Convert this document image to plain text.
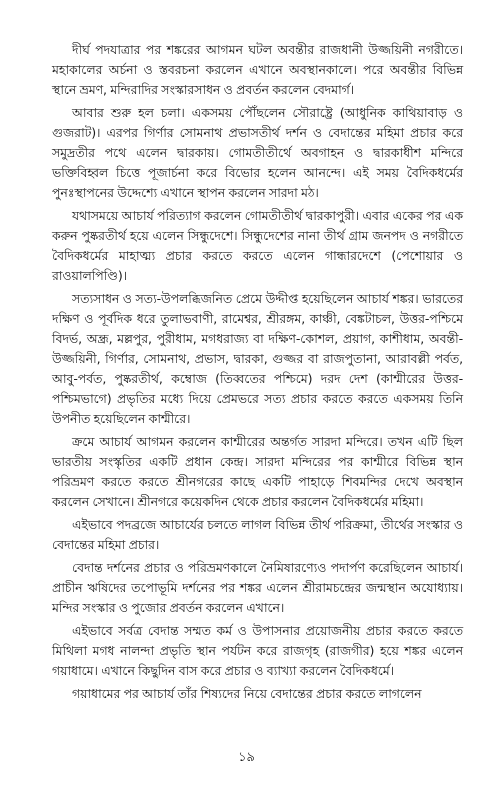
দীর্ঘ পদযাত্রার পর শঙ্করের আগমন ঘটল অবন্তীর রাজধানী উজ্জয়িনী নগরীতে। মহাকালের অর্চনা ও স্তবরচনা করলেন এখানে অবস্থানকালে। পরে অবন্তীর বিভিন্ন স্থানে ভ্রমণ, মন্দিরাদির সংস্কারসাধন ও প্রবর্তন করলেন বেদমার্গ।

আবার শুরু হল চলা। একসময় পৌঁছলেন সৌরাষ্ট্রে (আধুনিক কাথিয়াবাড় ও গুজরাট)। এরপর গির্ণার সোমনাথ প্রভাসতীর্থ দর্শন ও বেদান্তের মহিমা প্রচার করে সমুদ্রতীর পথে এলেন দ্বারকায়। গোমতীতীর্থে অবগাহন ও দ্বারকাধীশ মন্দিরে ভক্তিবিহ্বল চিত্তে পূজার্চনা করে বিভোর হলেন আনন্দে। এই সময় বৈদিকধর্মের পুনঃস্থাপনের উদ্দেশ্যে এখানে স্থাপন করলেন সারদা মঠ।

যথাসময়ে আচার্য পরিত্যাগ করলেন গোমতীতীর্থ দ্বারকাপুরী। এবার একের পর এক করুন পুষ্করতীর্থ হয়ে এলেন সিন্ধুদেশে। সিন্ধুদেশের নানা তীর্থ গ্রাম জনপদ ও নগরীতে বৈদিকধর্মের মাহাত্ম্য প্রচার করতে করতে এলেন গান্ধারদেশে (পেশোয়ার ও রাওয়ালপিণ্ডি)।

সত্যসাধন ও সত্য-উপলব্ধিজনিত প্রেমে উদ্দীপ্ত হয়েছিলেন আচার্য শঙ্কর। ভারতের দক্ষিণ ও পূর্বদিক ধরে তুলাভবাণী, রামেশ্বর, শ্রীরঙ্গম, কাঞ্চী, বেঙ্কটাচল, উত্তর-পশ্চিমে বিদর্ভ, অন্ধ্র, মল্লপুর, পুরীধাম, মগধরাজ্য বা দক্ষিণ-কোশল, প্রয়াগ, কাশীধাম, অবন্তী-উজ্জয়িনী, গির্ণার, সোমনাথ, প্রভাস, দ্বারকা, গুজ্জর বা রাজপুতানা, আরাবল্লী পর্বত, আবু-পর্বত, পুষ্করতীর্থ, কম্বোজ (তিব্বতের পশ্চিমে) দরদ দেশ (কাশ্মীরের উত্তর-পশ্চিমভাগে) প্রভৃতির মধ্যে দিয়ে প্রেমভরে সত্য প্রচার করতে করতে একসময় তিনি উপনীত হয়েছিলেন কাশ্মীরে।

ক্রমে আচার্য আগমন করলেন কাশ্মীরের অন্তর্গত সারদা মন্দিরে। তখন এটি ছিল ভারতীয় সংস্কৃতির একটি প্রধান কেন্দ্র। সারদা মন্দিরের পর কাশ্মীরে বিভিন্ন স্থান পরিভ্রমণ করতে করতে শ্রীনগরের কাছে একটি পাহাড়ে শিবমন্দির দেখে অবস্থান করলেন সেখানে। শ্রীনগরে কয়েকদিন থেকে প্রচার করলেন বৈদিকধর্মের মহিমা।

এইভাবে পদব্রজে আচার্যের চলতে লাগল বিভিন্ন তীর্থ পরিক্রমা, তীর্থের সংস্কার ও বেদান্তের মহিমা প্রচার।

বেদান্ত দর্শনের প্রচার ও পরিভ্রমণকালে নৈমিষারণ্যেও পদার্পণ করেছিলেন আচার্য। প্রাচীন ঋষিদের তপোভূমি দর্শনের পর শঙ্কর এলেন শ্রীরামচন্দ্রের জন্মস্থান অযোধ্যায়। মন্দির সংস্কার ও পুজোর প্রবর্তন করলেন এখানে।

এইভাবে সর্বত্র বেদান্ত সম্মত কর্ম ও উপাসনার প্রয়োজনীয় প্রচার করতে করতে মিথিলা মগধ নালন্দা প্রভৃতি স্থান পর্যটন করে রাজগৃহ (রাজগীর) হয়ে শঙ্কর এলেন গয়াধামে। এখানে কিছুদিন বাস করে প্রচার ও ব্যাখ্যা করলেন বৈদিকধর্মে।

গয়াধামের পর আচার্য তাঁর শিষ্যদের নিয়ে বেদান্তের প্রচার করতে লাগলেন

১৯
